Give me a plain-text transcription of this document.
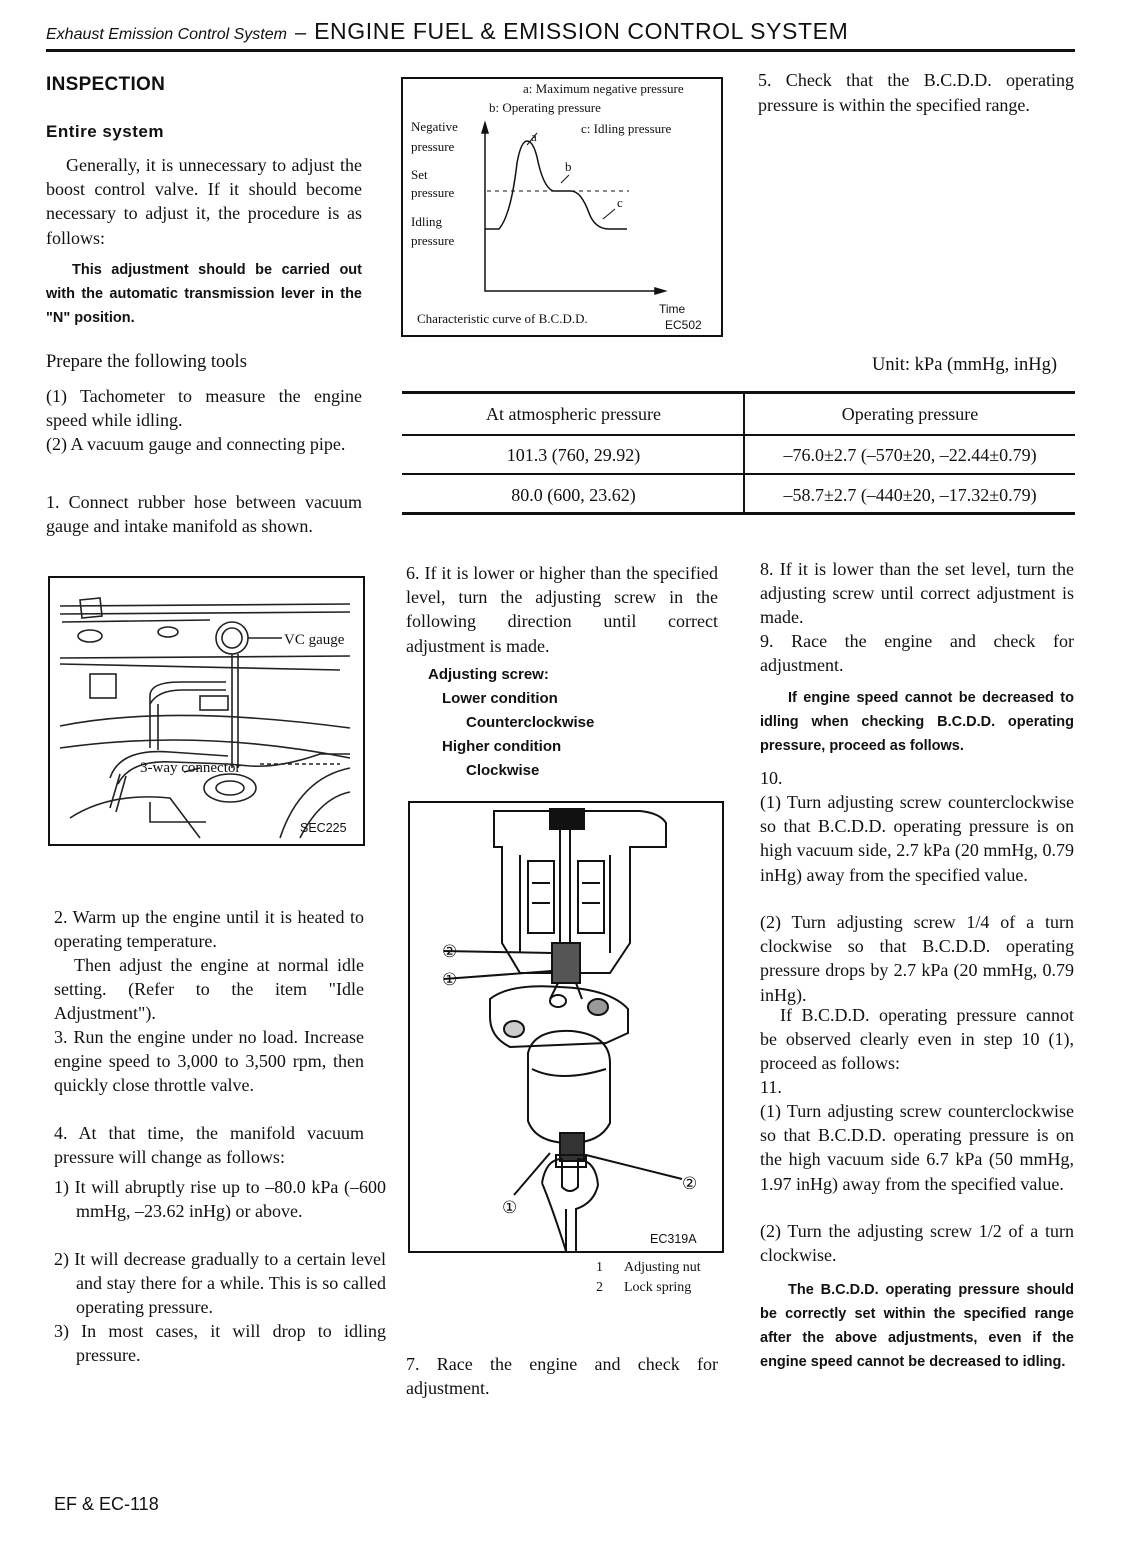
Exhaust Emission Control System – ENGINE FUEL & EMISSION CONTROL SYSTEM
INSPECTION
Entire system

Generally, it is unnecessary to adjust the boost control valve. If it should become necessary to adjust it, the procedure is as follows:

This adjustment should be carried out with the automatic transmission lever in the "N" position.

Prepare the following tools

(1) Tachometer to measure the engine speed while idling.

(2) A vacuum gauge and connecting pipe.

1. Connect rubber hose between vacuum gauge and intake manifold as shown.

VC gauge
3-way connector
SEC225

2. Warm up the engine until it is heated to operating temperature.

Then adjust the engine at normal idle setting. (Refer to the item "Idle Adjustment").

3. Run the engine under no load. Increase engine speed to 3,000 to 3,500 rpm, then quickly close throttle valve.

4. At that time, the manifold vacuum pressure will change as follows:

1) It will abruptly rise up to –80.0 kPa (–600 mmHg, –23.62 inHg) or above.

2) It will decrease gradually to a certain level and stay there for a while. This is so called operating pressure.

3) In most cases, it will drop to idling pressure.

a: Maximum negative pressure
b: Operating pressure
c: Idling pressure
Negative
pressure
Set
pressure
Idling
pressure
a
b
c
Characteristic curve of B.C.D.D.
Time
EC502

5. Check that the B.C.D.D. operating pressure is within the specified range.

Unit: kPa (mmHg, inHg)
At atmospheric pressure	Operating pressure
101.3 (760, 29.92)	–76.0±2.7 (–570±20, –22.44±0.79)
80.0 (600, 23.62)	–58.7±2.7 (–440±20, –17.32±0.79)

6. If it is lower or higher than the specified level, turn the adjusting screw in the following direction until correct adjustment is made.

Adjusting screw:
Lower condition
Counterclockwise
Higher condition
Clockwise
②
①
②
①
EC319A
1 Adjusting nut
2 Lock spring

7. Race the engine and check for adjustment.

8. If it is lower than the set level, turn the adjusting screw until correct adjustment is made.

9. Race the engine and check for adjustment.

If engine speed cannot be decreased to idling when checking B.C.D.D. operating pressure, proceed as follows.

10.

(1) Turn adjusting screw counterclockwise so that B.C.D.D. operating pressure is on high vacuum side, 2.7 kPa (20 mmHg, 0.79 inHg) away from the specified value.

(2) Turn adjusting screw 1/4 of a turn clockwise so that B.C.D.D. operating pressure drops by 2.7 kPa (20 mmHg, 0.79 inHg).

If B.C.D.D. operating pressure cannot be observed clearly even in step 10 (1), proceed as follows:

11.

(1) Turn adjusting screw counterclockwise so that B.C.D.D. operating pressure is on the high vacuum side 6.7 kPa (50 mmHg, 1.97 inHg) away from the specified value.

(2) Turn the adjusting screw 1/2 of a turn clockwise.

The B.C.D.D. operating pressure should be correctly set within the specified range after the above adjustments, even if the engine speed cannot be decreased to idling.

EF & EC-118
